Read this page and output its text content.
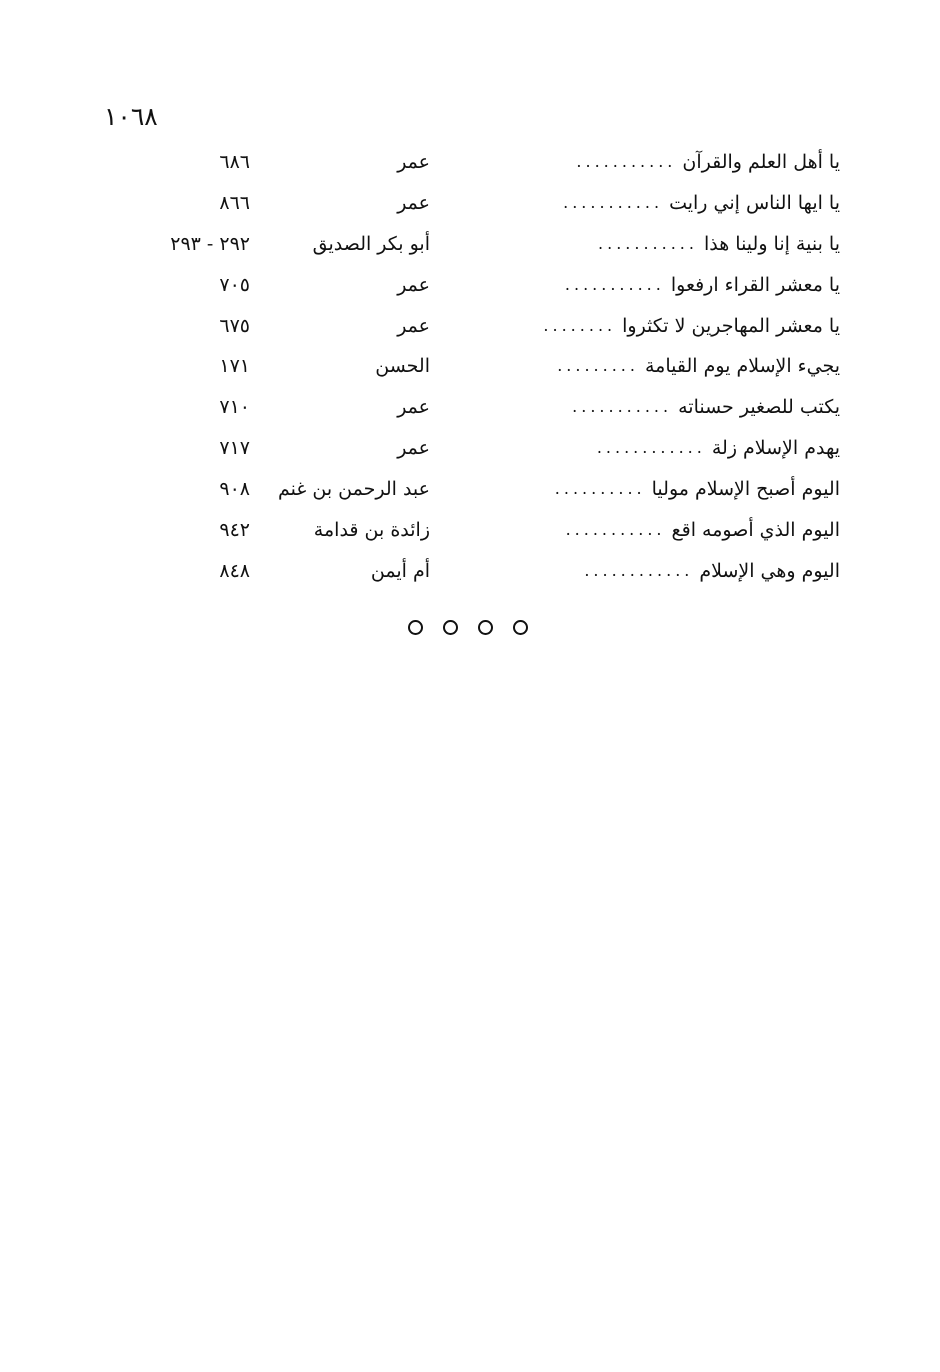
١٠٦٨
يا أهل العلم والقرآن
...........
عمر
٦٨٦
يا ايها الناس إني رايت
...........
عمر
٨٦٦
يا بنية إنا ولينا هذا
...........
أبو بكر الصديق
٢٩٢ - ٢٩٣
يا معشر القراء ارفعوا
...........
عمر
٧٠٥
يا معشر المهاجرين لا تكثروا
........
عمر
٦٧٥
يجيء الإسلام يوم القيامة
.........
الحسن
١٧١
يكتب للصغير حسناته
...........
عمر
٧١٠
يهدم الإسلام زلة
............
عمر
٧١٧
اليوم أصبح الإسلام موليا
..........
عبد الرحمن بن غنم
٩٠٨
اليوم الذي أصومه اقع
...........
زائدة بن قدامة
٩٤٢
اليوم وهي الإسلام
............
أم أيمن
٨٤٨
